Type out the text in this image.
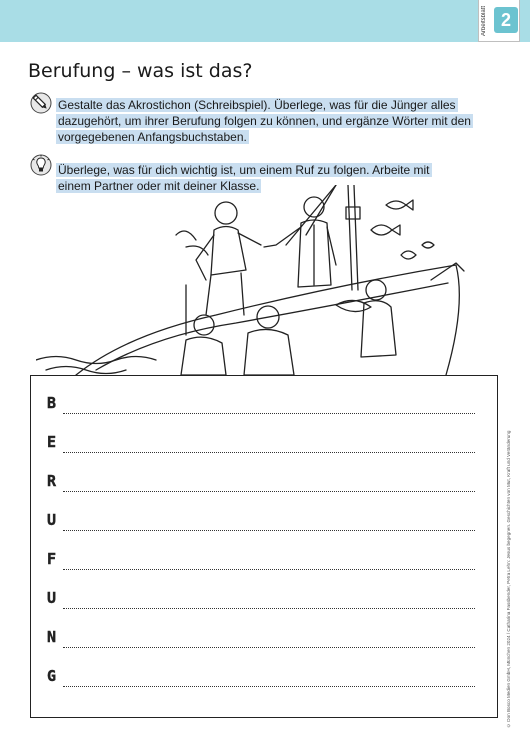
Arbeitsblatt 2
Berufung – was ist das?
Gestalte das Akrostichon (Schreibspiel). Überlege, was für die Jünger alles dazugehört, um ihrer Berufung folgen zu können, und ergänze Wörter mit den vorgegebenen Anfangsbuchstaben.
Überlege, was für dich wichtig ist, um einem Ruf zu folgen. Arbeite mit einem Partner oder mit deiner Klasse.
B
E
R
U
F
U
N
G	© Don Bosco Medien GmbH, München 2024 / Catharina Fassbender, Petra Lehn: Jesus begegnen. Geschichten von Mut, Kraft und Veränderung
